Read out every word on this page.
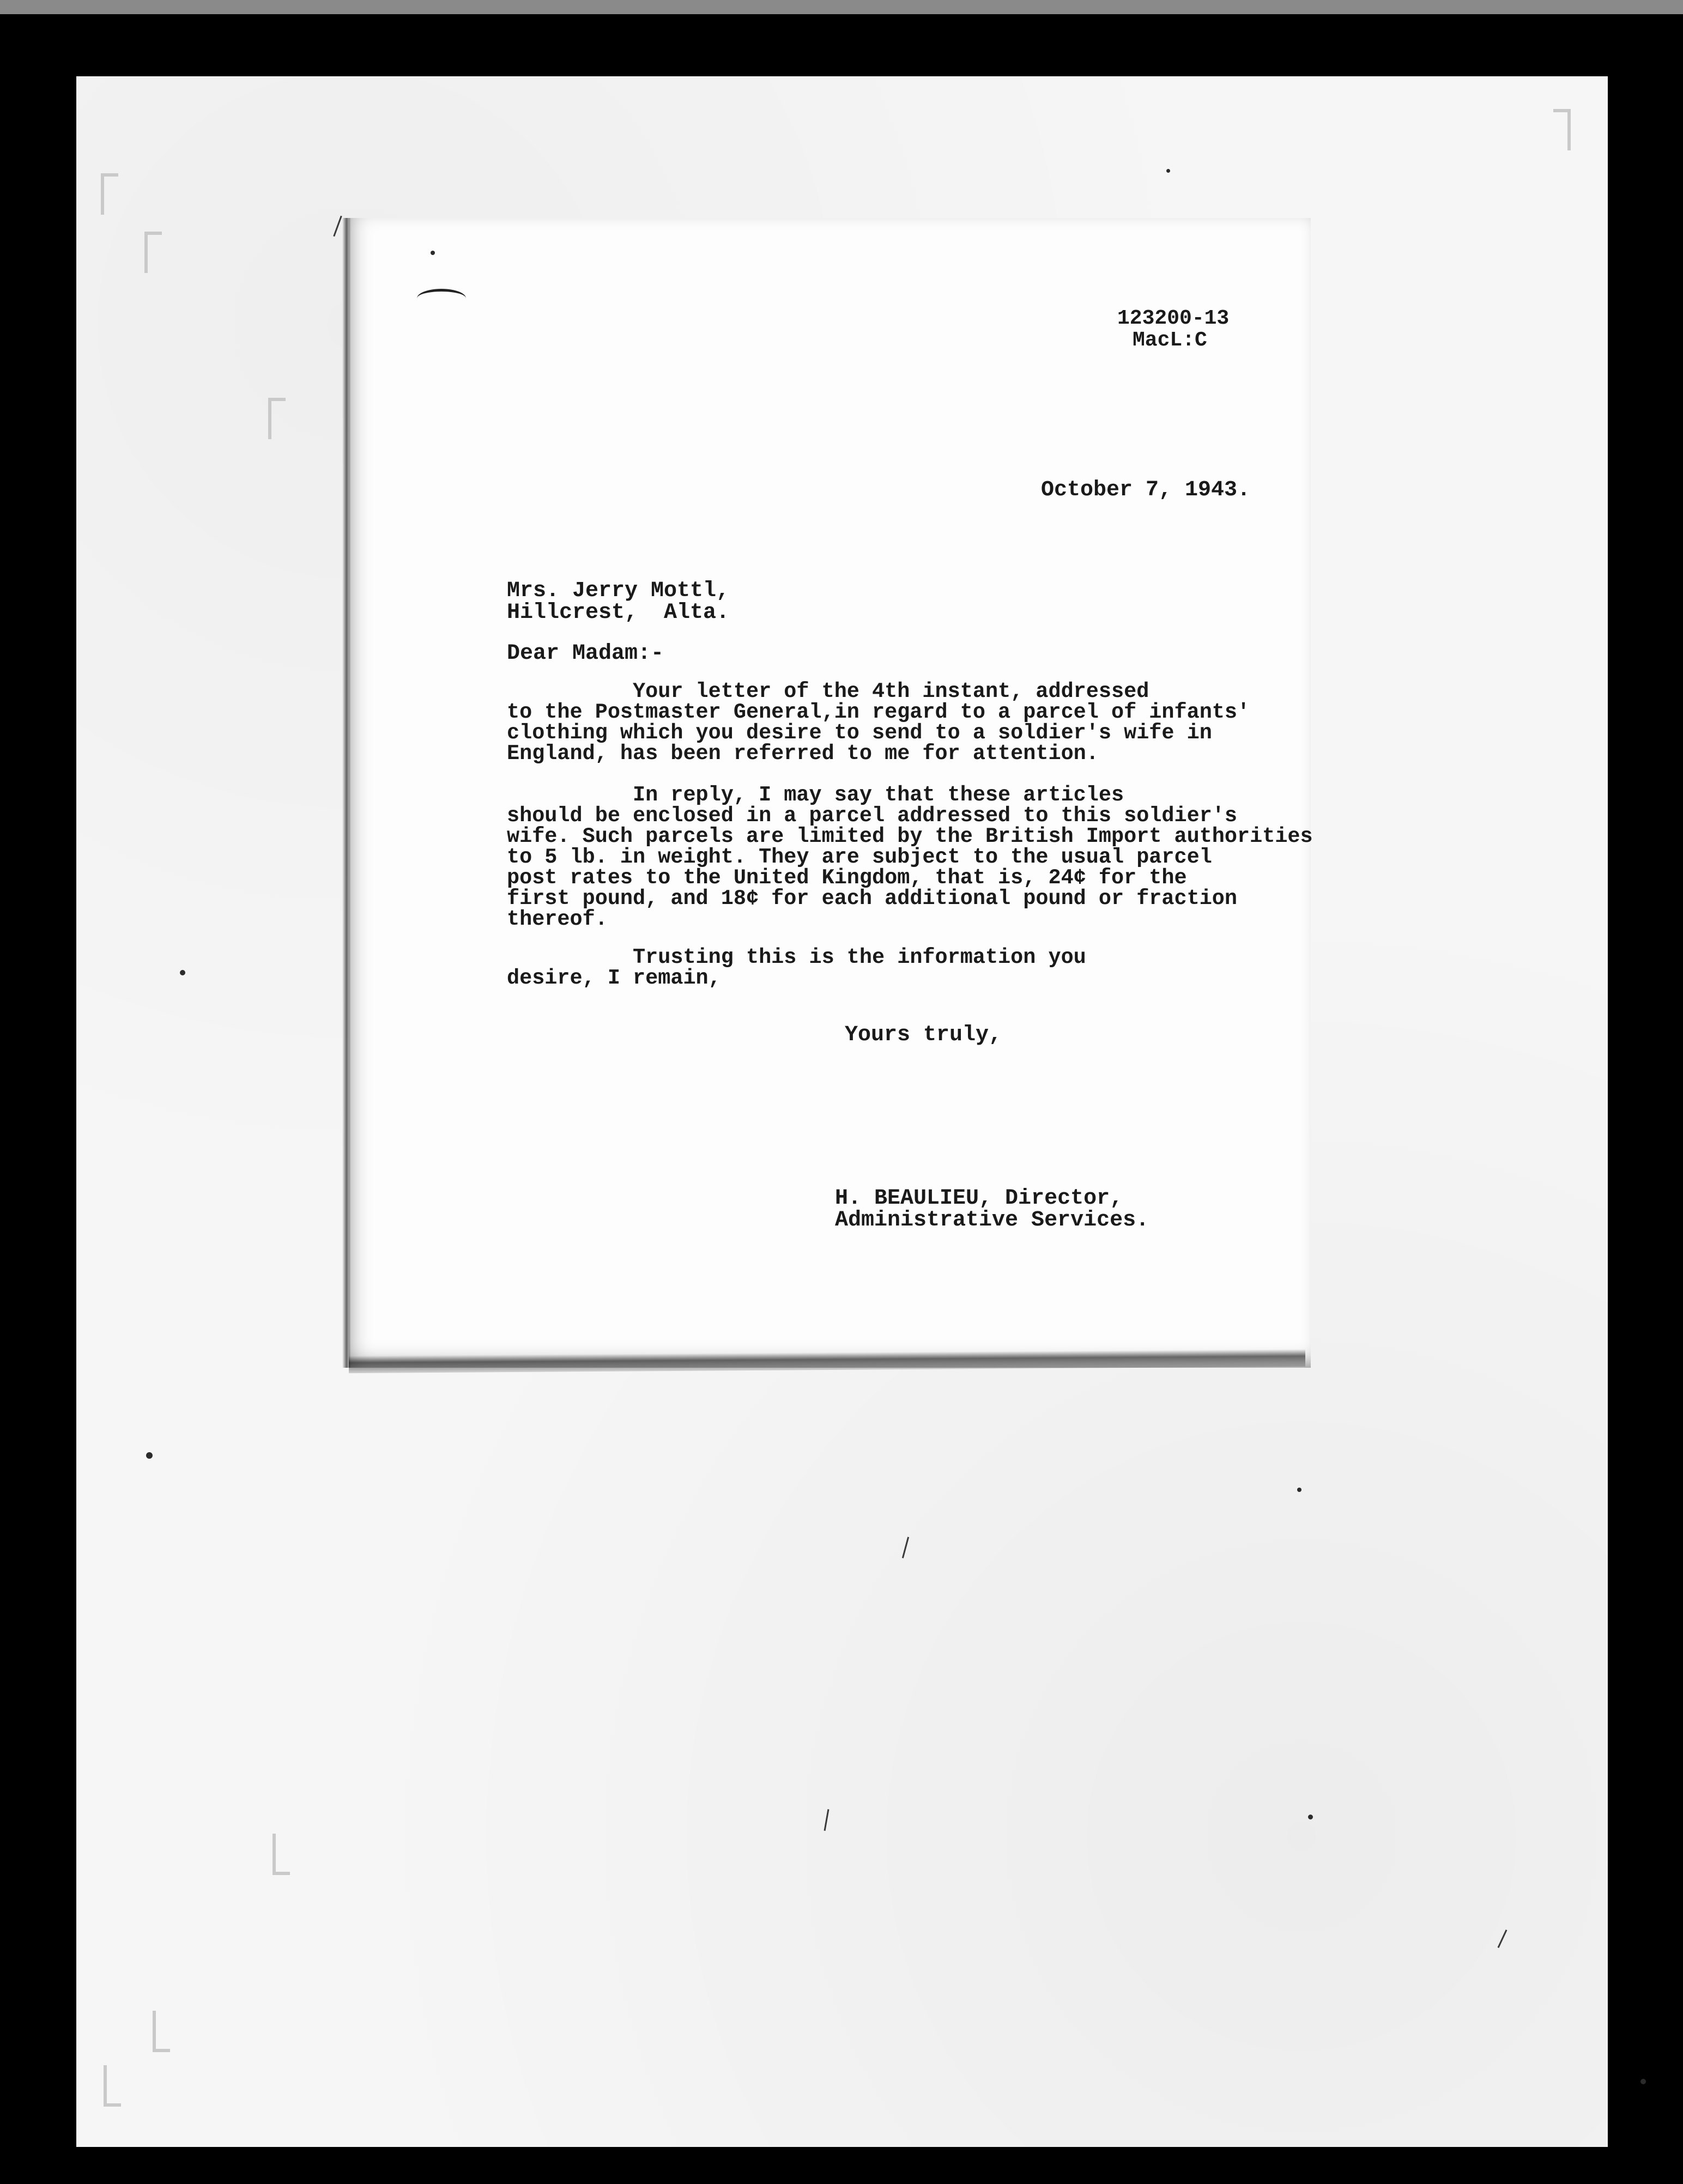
123200-13
MacL:C
October 7, 1943.
Mrs. Jerry Mottl,
Hillcrest,  Alta.
Dear Madam:-
Your letter of the 4th instant, addressed
to the Postmaster General,in regard to a parcel of infants'
clothing which you desire to send to a soldier's wife in
England, has been referred to me for attention.
In reply, I may say that these articles
should be enclosed in a parcel addressed to this soldier's
wife. Such parcels are limited by the British Import authorities
to 5 lb. in weight. They are subject to the usual parcel
post rates to the United Kingdom, that is, 24¢ for the
first pound, and 18¢ for each additional pound or fraction
thereof.
Trusting this is the information you
desire, I remain,
Yours truly,
H. BEAULIEU, Director,
Administrative Services.
